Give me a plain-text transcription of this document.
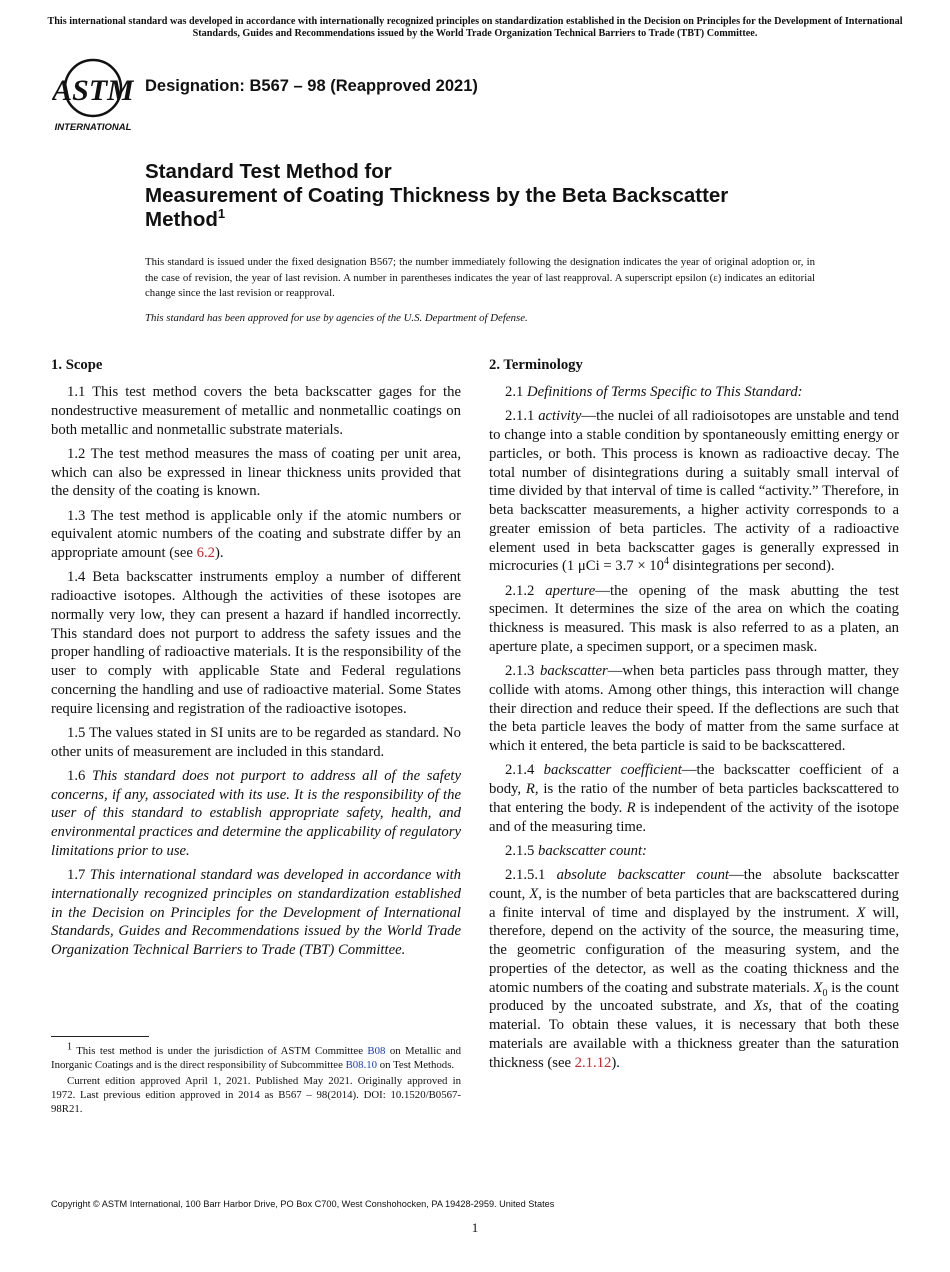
This international standard was developed in accordance with internationally recognized principles on standardization established in the Decision on Principles for the Development of International Standards, Guides and Recommendations issued by the World Trade Organization Technical Barriers to Trade (TBT) Committee.
ASTM
INTERNATIONAL
Designation: B567 – 98 (Reapproved 2021)
Standard Test Method for
Measurement of Coating Thickness by the Beta Backscatter
Method$^1$
This standard is issued under the fixed designation B567; the number immediately following the designation indicates the year of original adoption or, in the case of revision, the year of last revision. A number in parentheses indicates the year of last reapproval. A superscript epsilon (ε) indicates an editorial change since the last revision or reapproval.
This standard has been approved for use by agencies of the U.S. Department of Defense.
1. Scope

1.1 This test method covers the beta backscatter gages for the nondestructive measurement of metallic and nonmetallic coatings on both metallic and nonmetallic substrate materials.

1.2 The test method measures the mass of coating per unit area, which can also be expressed in linear thickness units provided that the density of the coating is known.

1.3 The test method is applicable only if the atomic numbers or equivalent atomic numbers of the coating and substrate differ by an appropriate amount (see 6.2).

1.4 Beta backscatter instruments employ a number of different radioactive isotopes. Although the activities of these isotopes are normally very low, they can present a hazard if handled incorrectly. This standard does not purport to address the safety issues and the proper handling of radioactive materials. It is the responsibility of the user to comply with applicable State and Federal regulations concerning the handling and use of radioactive material. Some States require licensing and registration of the radioactive isotopes.

1.5 The values stated in SI units are to be regarded as standard. No other units of measurement are included in this standard.

1.6 This standard does not purport to address all of the safety concerns, if any, associated with its use. It is the responsibility of the user of this standard to establish appropriate safety, health, and environmental practices and determine the applicability of regulatory limitations prior to use.

1.7 This international standard was developed in accordance with internationally recognized principles on standardization established in the Decision on Principles for the Development of International Standards, Guides and Recommendations issued by the World Trade Organization Technical Barriers to Trade (TBT) Committee.

2. Terminology

2.1 Definitions of Terms Specific to This Standard:

2.1.1 activity—the nuclei of all radioisotopes are unstable and tend to change into a stable condition by spontaneously emitting energy or particles, or both. This process is known as radioactive decay. The total number of disintegrations during a suitably small interval of time divided by that interval of time is called “activity.” Therefore, in beta backscatter measurements, a higher activity corresponds to a greater emission of beta particles. The activity of a radioactive element used in beta backscatter gages is generally expressed in microcuries (1 $\mu Ci = 3.7 \times 10^4$ disintegrations per second).

2.1.2 aperture—the opening of the mask abutting the test specimen. It determines the size of the area on which the coating thickness is measured. This mask is also referred to as a platen, an aperture plate, a specimen support, or a specimen mask.

2.1.3 backscatter—when beta particles pass through matter, they collide with atoms. Among other things, this interaction will change their direction and reduce their speed. If the deflections are such that the beta particle leaves the body of matter from the same surface at which it entered, the beta particle is said to be backscattered.

2.1.4 backscatter coefficient—the backscatter coefficient of a body, R, is the ratio of the number of beta particles backscattered to that entering the body. R is independent of the activity of the isotope and of the measuring time.

2.1.5 backscatter count:

2.1.5.1 absolute backscatter count—the absolute backscatter count, X, is the number of beta particles that are backscattered during a finite interval of time and displayed by the instrument. X will, therefore, depend on the activity of the source, the measuring time, the geometric configuration of the measuring system, and the properties of the detector, as well as the coating thickness and the atomic numbers of the coating and substrate materials. $X_0$ is the count produced by the uncoated substrate, and Xs, that of the coating material. To obtain these values, it is necessary that both these materials are available with a thickness greater than the saturation thickness (see 2.1.12).

$^1$ This test method is under the jurisdiction of ASTM Committee B08 on Metallic and Inorganic Coatings and is the direct responsibility of Subcommittee B08.10 on Test Methods.

Current edition approved April 1, 2021. Published May 2021. Originally approved in 1972. Last previous edition approved in 2014 as B567 – 98(2014). DOI: 10.1520/B0567-98R21.

Copyright © ASTM International, 100 Barr Harbor Drive, PO Box C700, West Conshohocken, PA 19428-2959. United States
1
